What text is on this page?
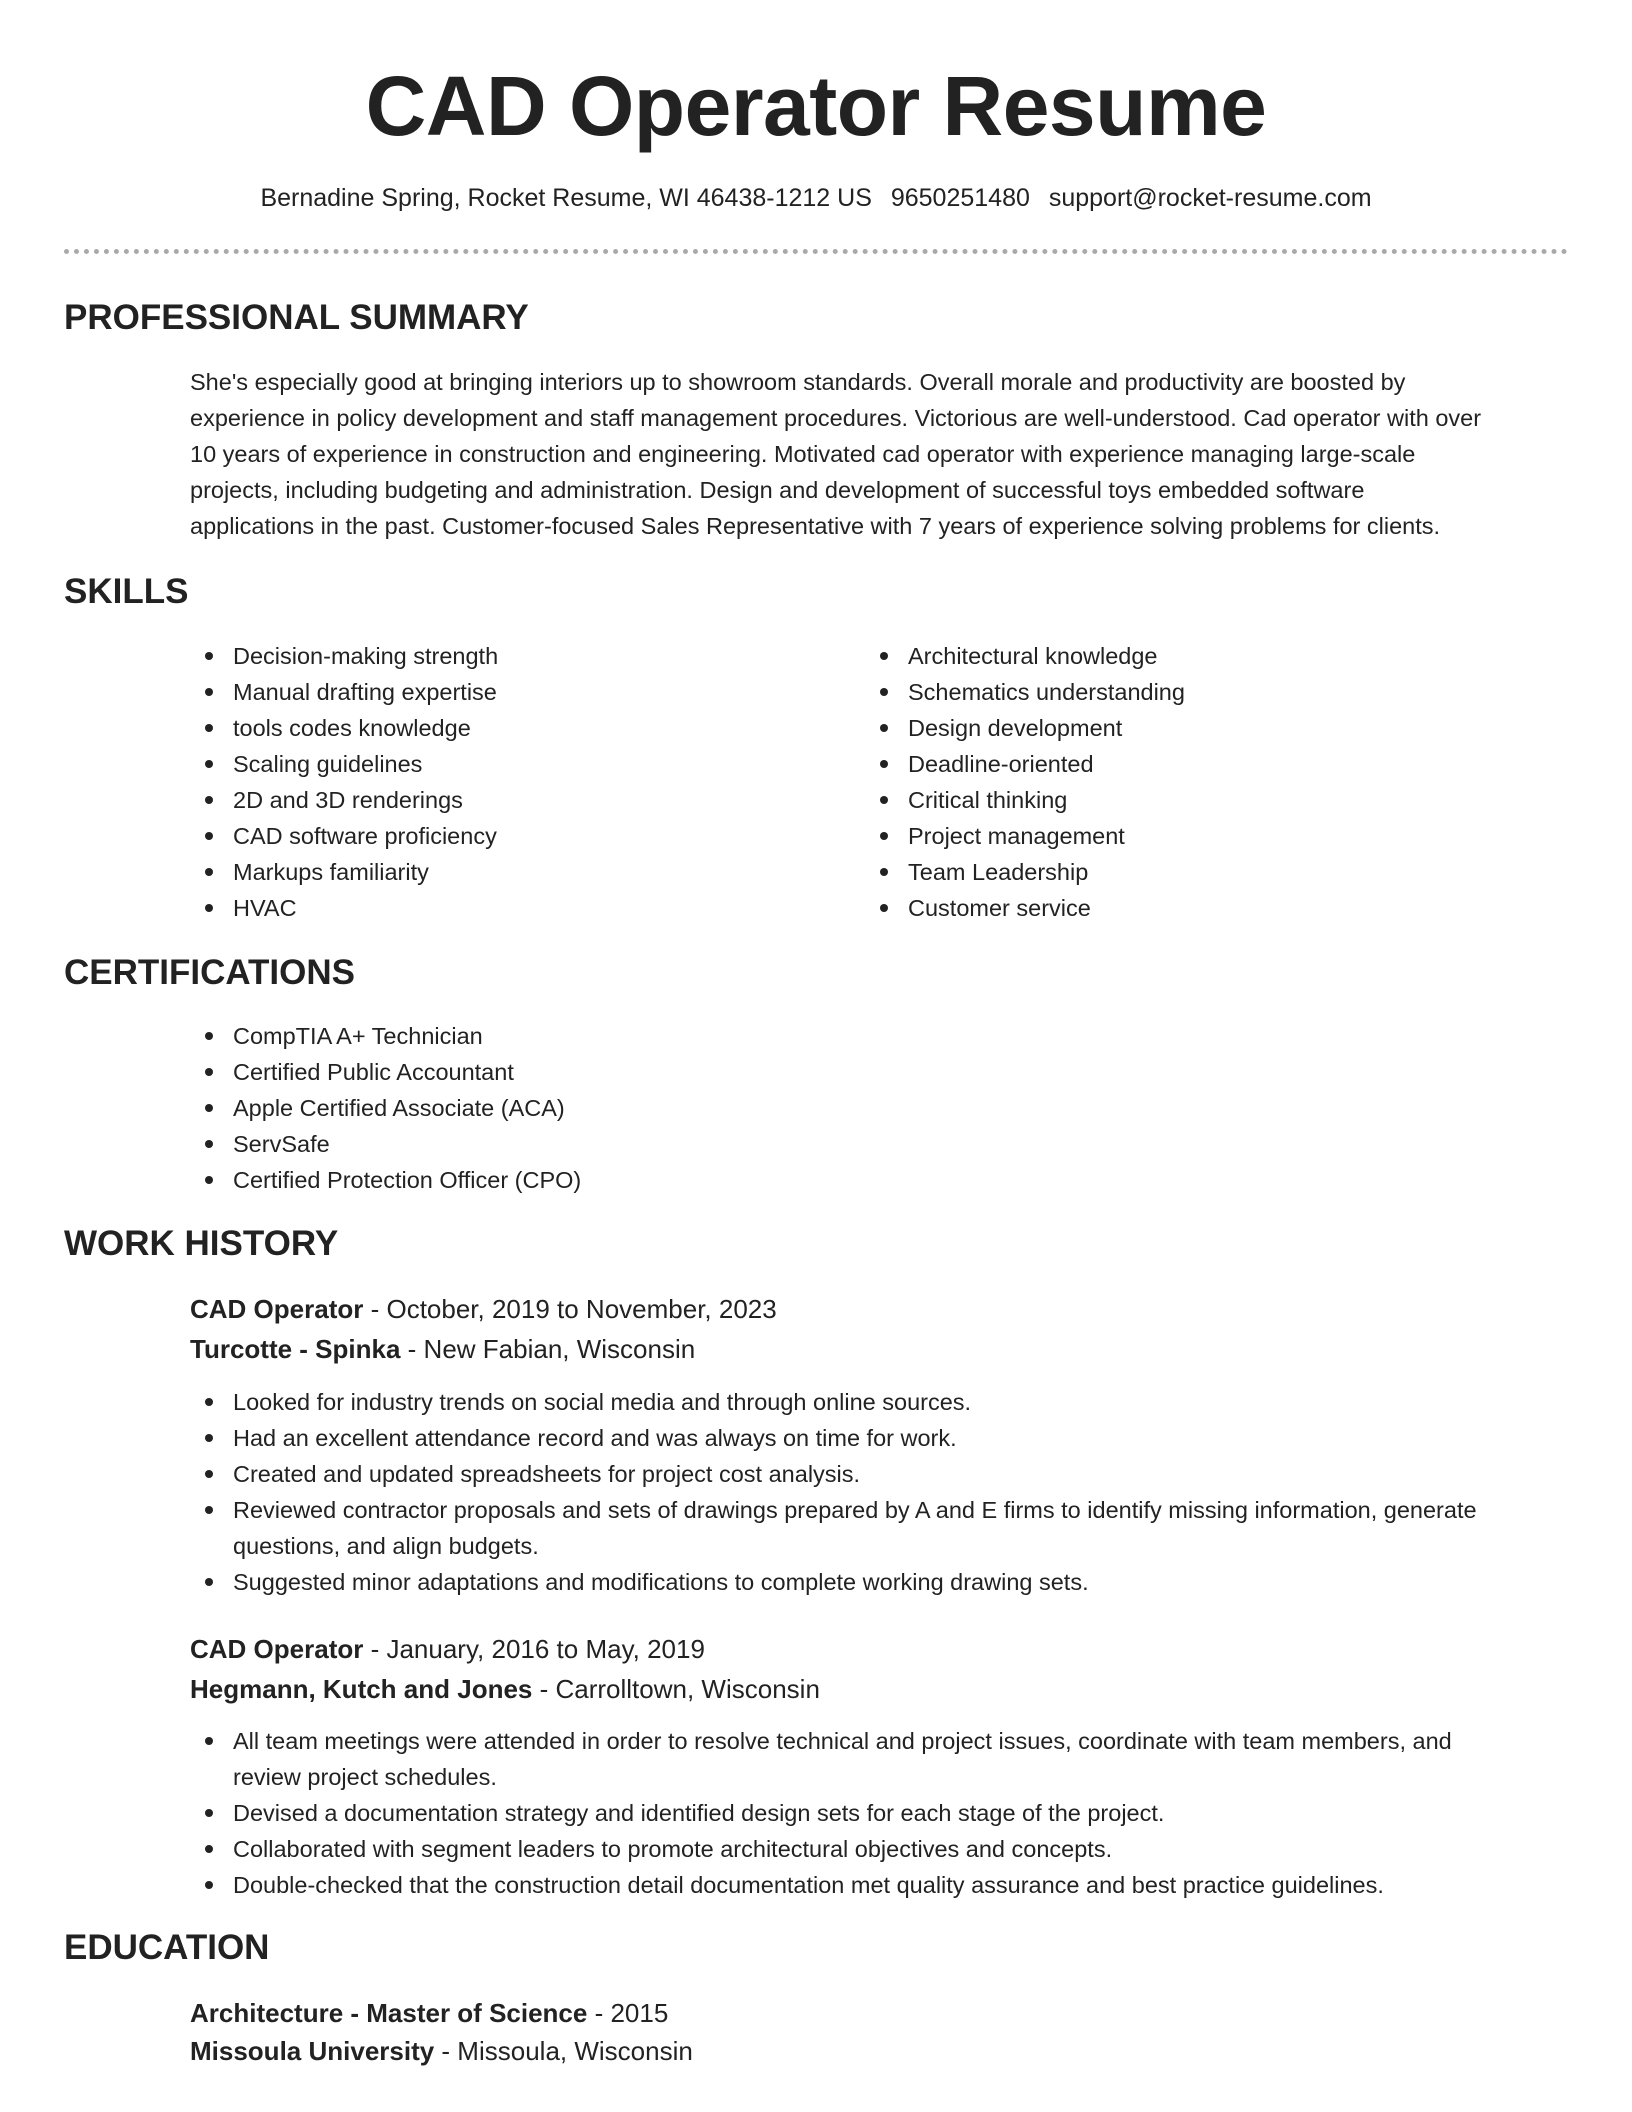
CAD Operator Resume
Bernadine Spring, Rocket Resume, WI 46438-1212 US 9650251480 support@rocket-resume.com
PROFESSIONAL SUMMARY
She's especially good at bringing interiors up to showroom standards. Overall morale and productivity are boosted by
experience in policy development and staff management procedures. Victorious are well-understood. Cad operator with over
10 years of experience in construction and engineering. Motivated cad operator with experience managing large-scale
projects, including budgeting and administration. Design and development of successful toys embedded software
applications in the past. Customer-focused Sales Representative with 7 years of experience solving problems for clients.
SKILLS
Decision-making strength
Manual drafting expertise
tools codes knowledge
Scaling guidelines
2D and 3D renderings
CAD software proficiency
Markups familiarity
HVAC
Architectural knowledge
Schematics understanding
Design development
Deadline-oriented
Critical thinking
Project management
Team Leadership
Customer service
CERTIFICATIONS
CompTIA A+ Technician
Certified Public Accountant
Apple Certified Associate (ACA)
ServSafe
Certified Protection Officer (CPO)
WORK HISTORY
CAD Operator - October, 2019 to November, 2023
Turcotte - Spinka - New Fabian, Wisconsin
Looked for industry trends on social media and through online sources.
Had an excellent attendance record and was always on time for work.
Created and updated spreadsheets for project cost analysis.
Reviewed contractor proposals and sets of drawings prepared by A and E firms to identify missing information, generate
questions, and align budgets.
Suggested minor adaptations and modifications to complete working drawing sets.
CAD Operator - January, 2016 to May, 2019
Hegmann, Kutch and Jones - Carrolltown, Wisconsin
All team meetings were attended in order to resolve technical and project issues, coordinate with team members, and
review project schedules.
Devised a documentation strategy and identified design sets for each stage of the project.
Collaborated with segment leaders to promote architectural objectives and concepts.
Double-checked that the construction detail documentation met quality assurance and best practice guidelines.
EDUCATION
Architecture - Master of Science - 2015
Missoula University - Missoula, Wisconsin
